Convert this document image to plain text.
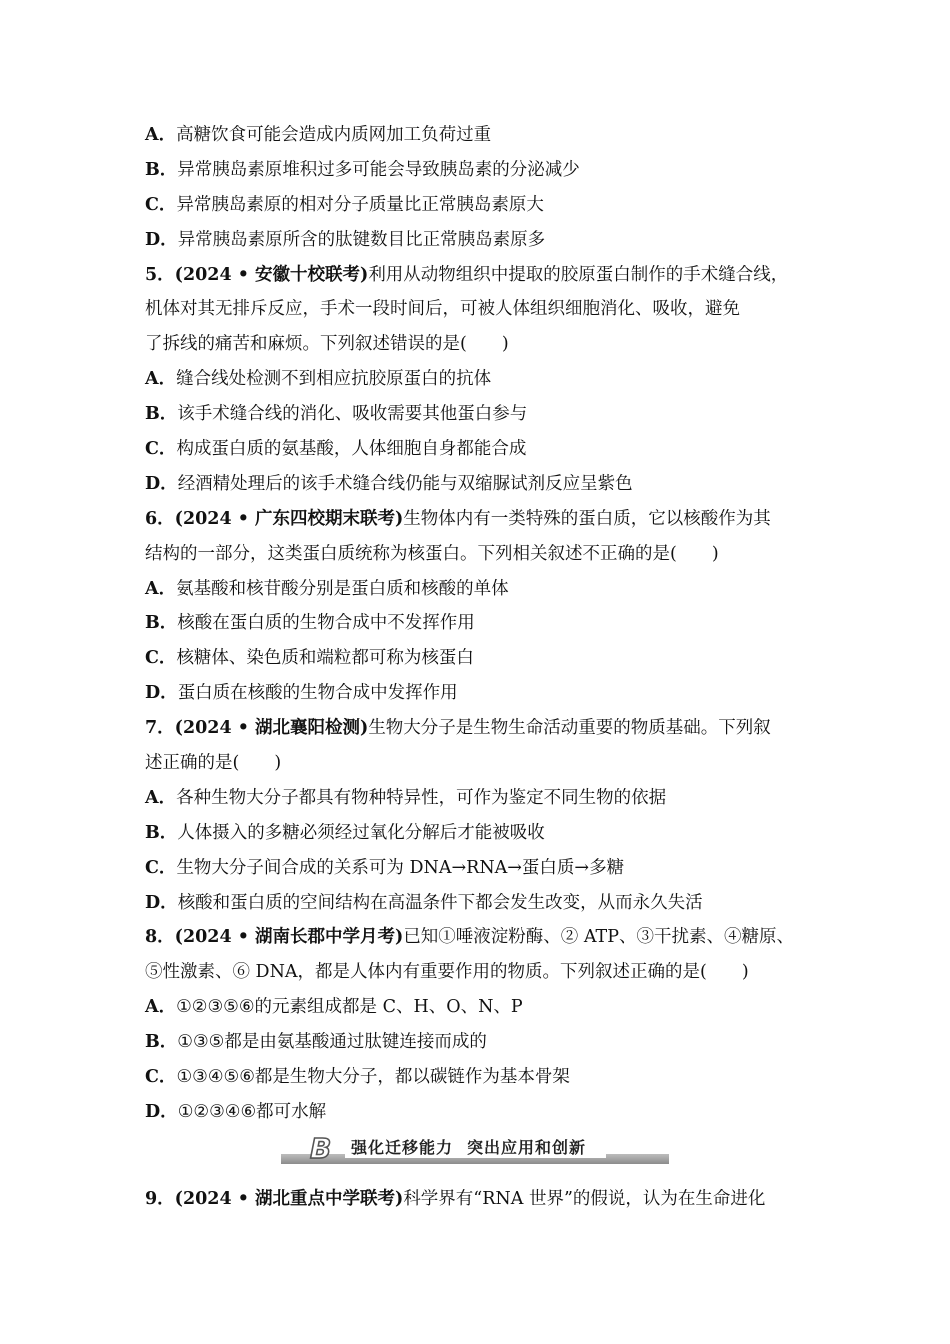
A．高糖饮食可能会造成内质网加工负荷过重
B．异常胰岛素原堆积过多可能会导致胰岛素的分泌减少
C．异常胰岛素原的相对分子质量比正常胰岛素原大
D．异常胰岛素原所含的肽键数目比正常胰岛素原多
5．(2024 • 安徽十校联考)利用从动物组织中提取的胶原蛋白制作的手术缝合线，
机体对其无排斥反应，手术一段时间后，可被人体组织细胞消化、吸收，避免
了拆线的痛苦和麻烦。下列叙述错误的是(　　)
A．缝合线处检测不到相应抗胶原蛋白的抗体
B．该手术缝合线的消化、吸收需要其他蛋白参与
C．构成蛋白质的氨基酸，人体细胞自身都能合成
D．经酒精处理后的该手术缝合线仍能与双缩脲试剂反应呈紫色
6．(2024 • 广东四校期末联考)生物体内有一类特殊的蛋白质，它以核酸作为其
结构的一部分，这类蛋白质统称为核蛋白。下列相关叙述不正确的是(　　)
A．氨基酸和核苷酸分别是蛋白质和核酸的单体
B．核酸在蛋白质的生物合成中不发挥作用
C．核糖体、染色质和端粒都可称为核蛋白
D．蛋白质在核酸的生物合成中发挥作用
7．(2024 • 湖北襄阳检测)生物大分子是生物生命活动重要的物质基础。下列叙
述正确的是(　　)
A．各种生物大分子都具有物种特异性，可作为鉴定不同生物的依据
B．人体摄入的多糖必须经过氧化分解后才能被吸收
C．生物大分子间合成的关系可为 DNA→RNA→蛋白质→多糖
D．核酸和蛋白质的空间结构在高温条件下都会发生改变，从而永久失活
8．(2024 • 湖南长郡中学月考)已知①唾液淀粉酶、② ATP、③干扰素、④糖原、
⑤性激素、⑥ DNA，都是人体内有重要作用的物质。下列叙述正确的是(　　)
A．①②③⑤⑥的元素组成都是 C、H、O、N、P
B．①③⑤都是由氨基酸通过肽键连接而成的
C．①③④⑤⑥都是生物大分子，都以碳链作为基本骨架
D．①②③④⑥都可水解
B	强化迁移能力 突出应用和创新
9．(2024 • 湖北重点中学联考)科学界有“RNA 世界”的假说，认为在生命进化
